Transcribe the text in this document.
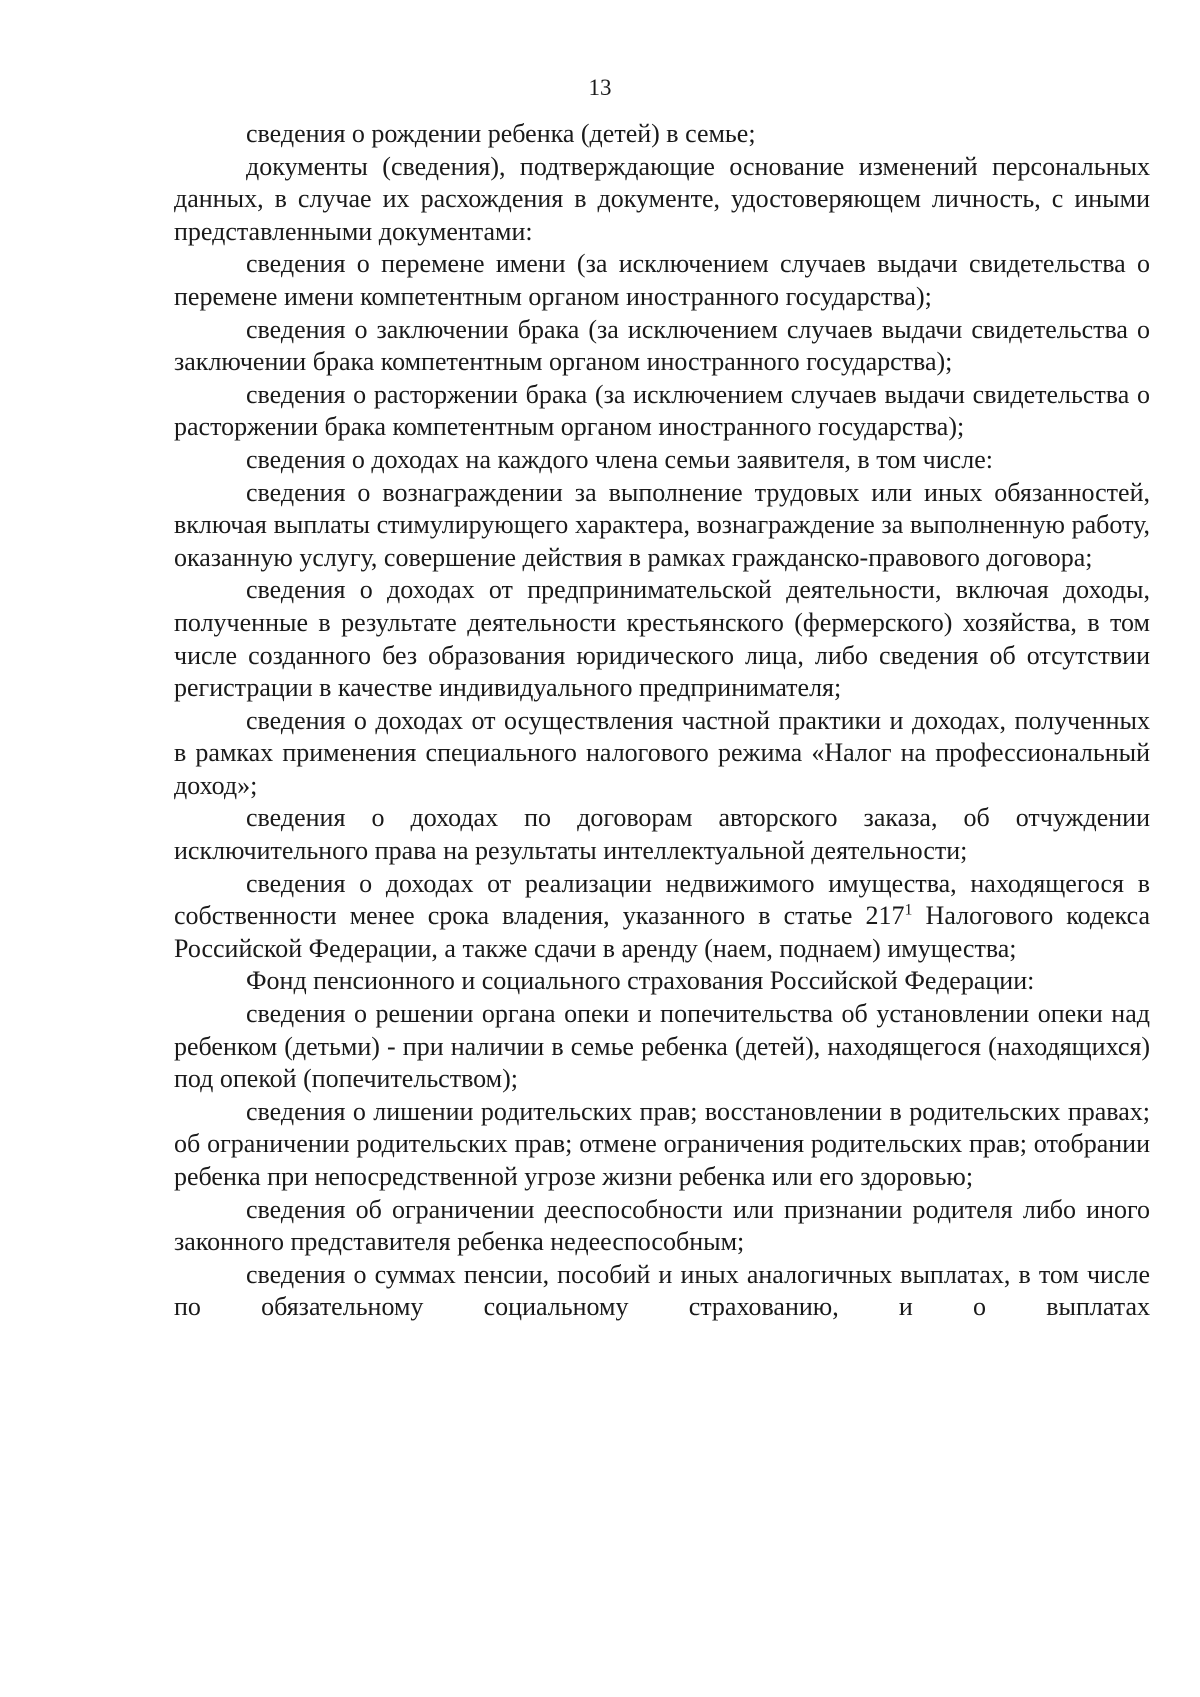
13

сведения о рождении ребенка (детей) в семье;

документы (сведения), подтверждающие основание изменений персональных данных, в случае их расхождения в документе, удостоверяющем личность, с иными представленными документами:

сведения о перемене имени (за исключением случаев выдачи свидетельства о перемене имени компетентным органом иностранного государства);

сведения о заключении брака (за исключением случаев выдачи свидетельства о заключении брака компетентным органом иностранного государства);

сведения о расторжении брака (за исключением случаев выдачи свидетельства о расторжении брака компетентным органом иностранного государства);

сведения о доходах на каждого члена семьи заявителя, в том числе:

сведения о вознаграждении за выполнение трудовых или иных обязанностей, включая выплаты стимулирующего характера, вознаграждение за выполненную работу, оказанную услугу, совершение действия в рамках гражданско-правового договора;

сведения о доходах от предпринимательской деятельности, включая доходы, полученные в результате деятельности крестьянского (фермерского) хозяйства, в том числе созданного без образования юридического лица, либо сведения об отсутствии регистрации в качестве индивидуального предпринимателя;

сведения о доходах от осуществления частной практики и доходах, полученных в рамках применения специального налогового режима «Налог на профессиональный доход»;

сведения о доходах по договорам авторского заказа, об отчуждении исключительного права на результаты интеллектуальной деятельности;

сведения о доходах от реализации недвижимого имущества, находящегося в собственности менее срока владения, указанного в статье $217^1$ Налогового кодекса Российской Федерации, а также сдачи в аренду (наем, поднаем) имущества;

Фонд пенсионного и социального страхования Российской Федерации:

сведения о решении органа опеки и попечительства об установлении опеки над ребенком (детьми) - при наличии в семье ребенка (детей), находящегося (находящихся) под опекой (попечительством);

сведения о лишении родительских прав; восстановлении в родительских правах; об ограничении родительских прав; отмене ограничения родительских прав; отобрании ребенка при непосредственной угрозе жизни ребенка или его здоровью;

сведения об ограничении дееспособности или признании родителя либо иного законного представителя ребенка недееспособным;

сведения о суммах пенсии, пособий и иных аналогичных выплатах, в том числе по обязательному социальному страхованию, и о выплатах
